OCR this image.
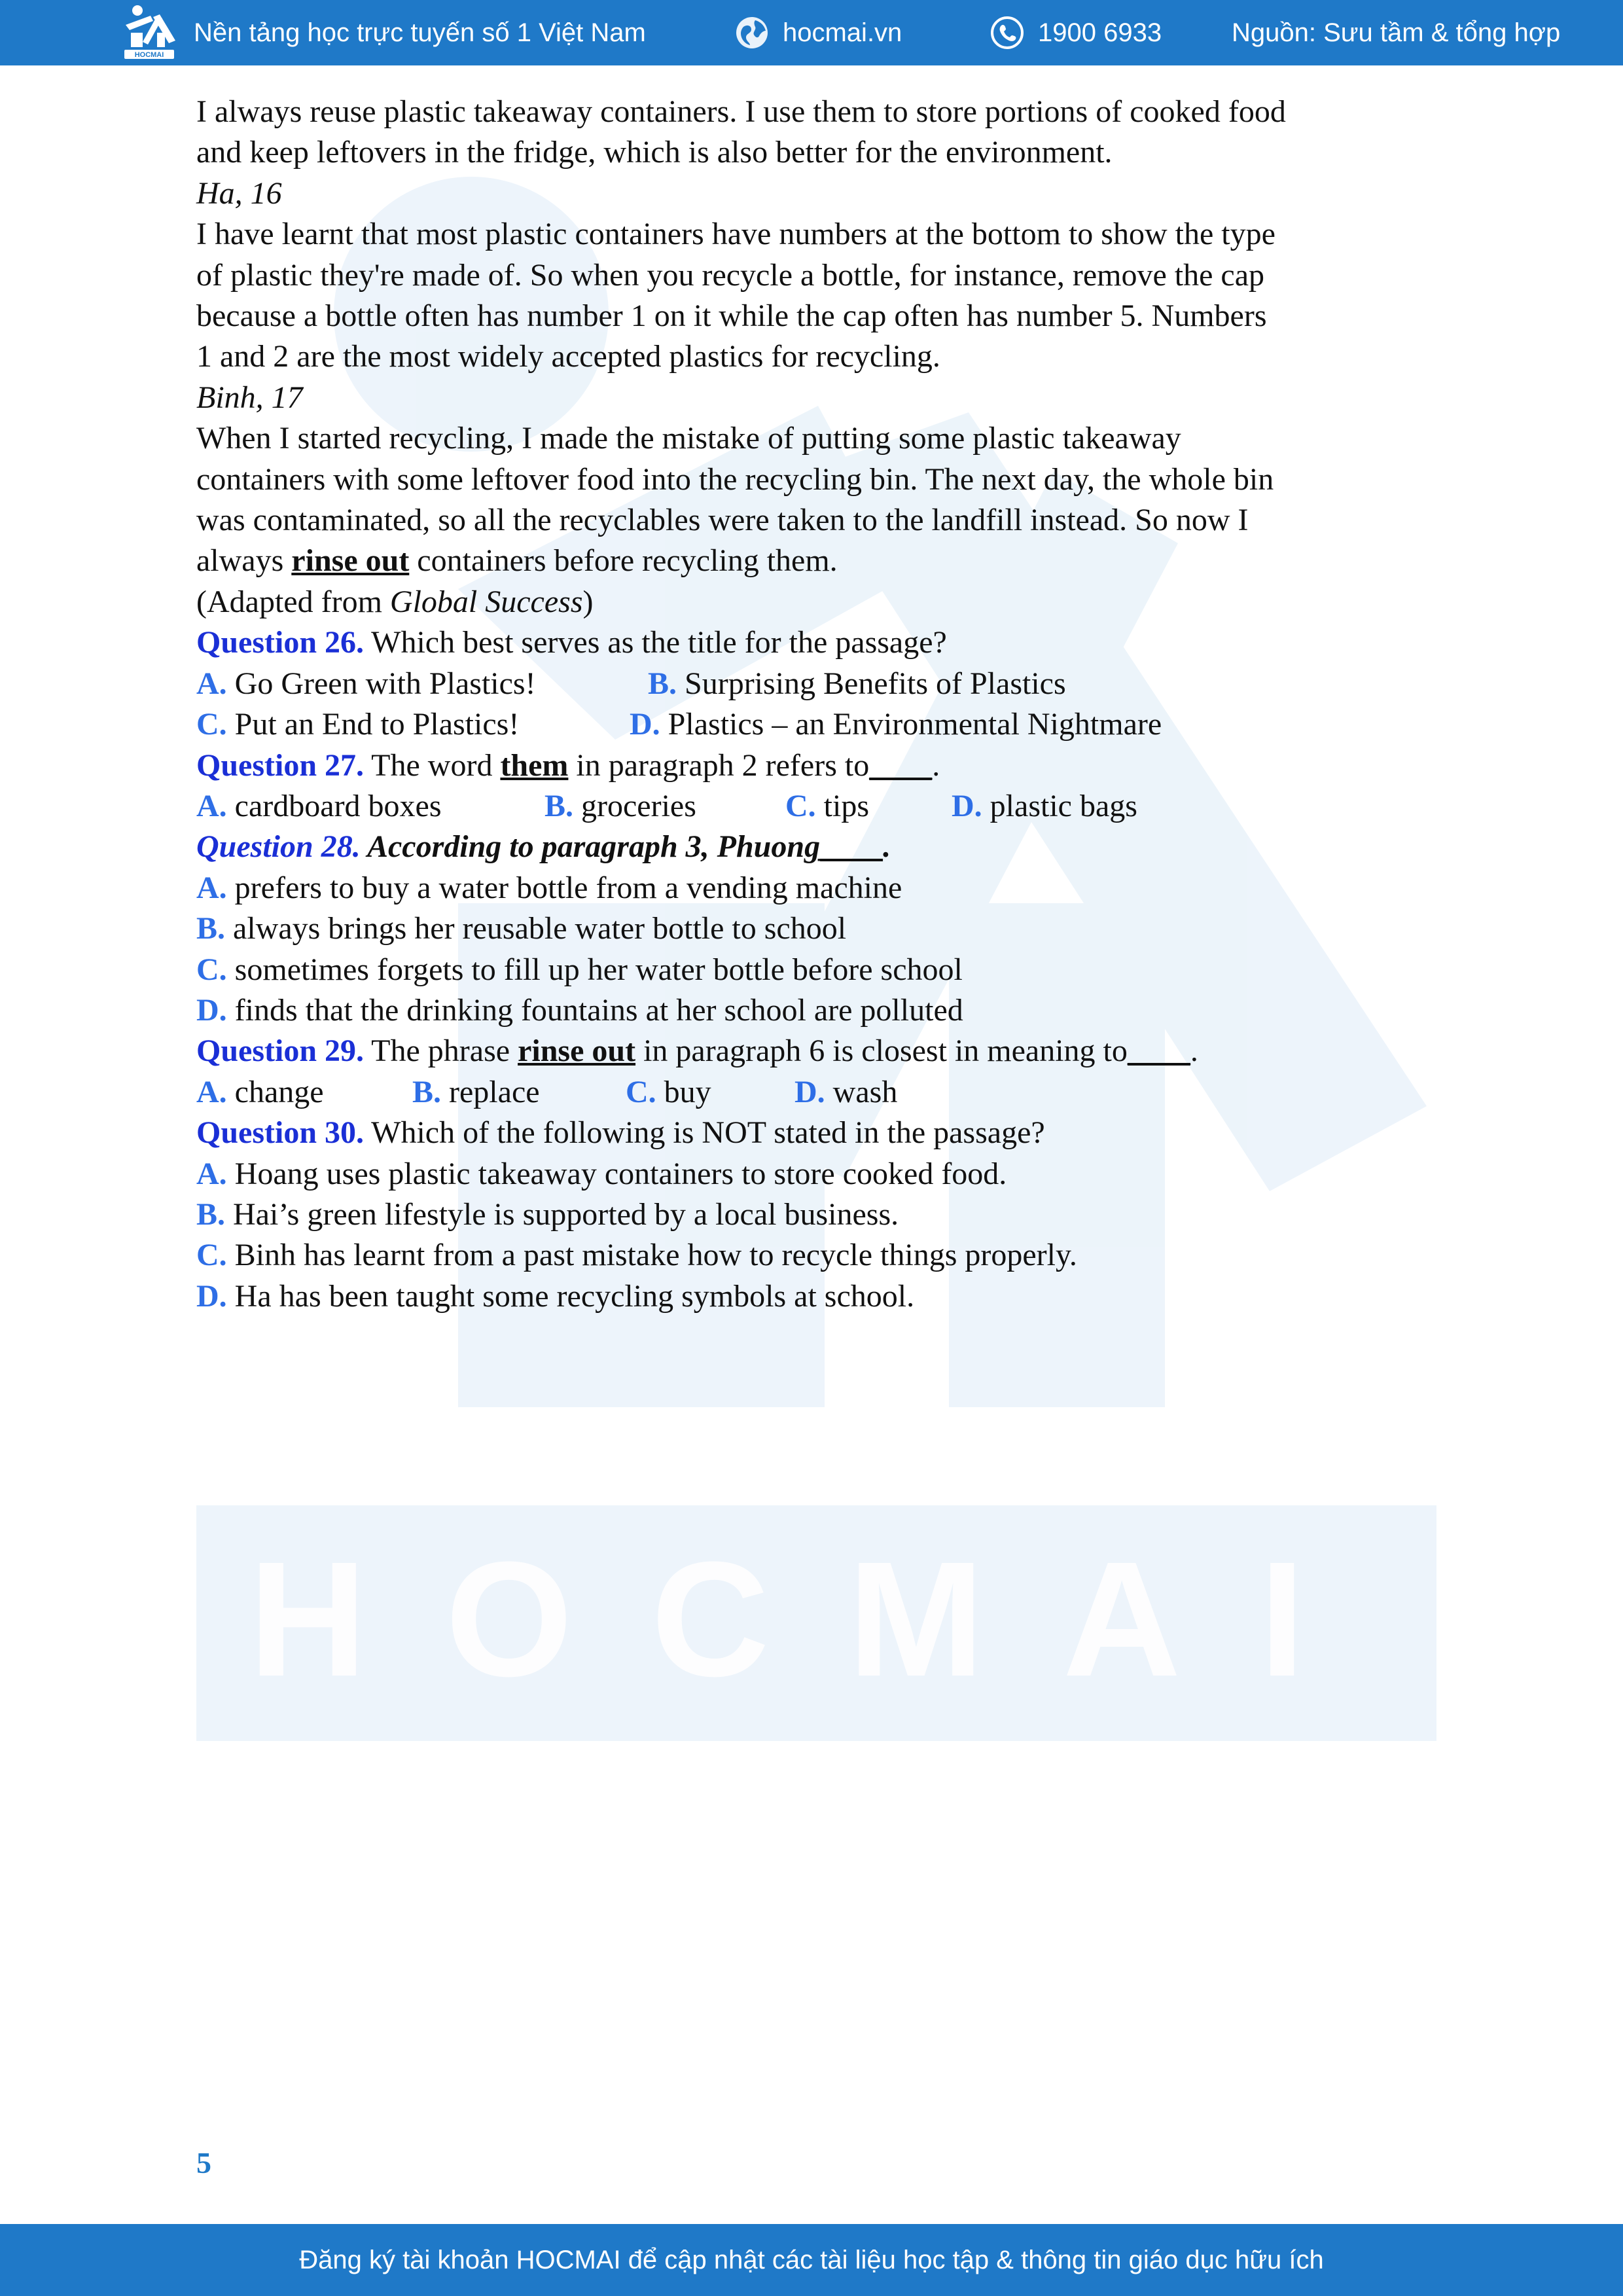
HOCMAI
HOCMAI
Nền tảng học trực tuyến số 1 Việt Nam	hocmai.vn	1900 6933	Nguồn: Sưu tầm & tổng hợp
I always reuse plastic takeaway containers. I use them to store portions of cooked food
and keep leftovers in the fridge, which is also better for the environment.
Ha, 16
I have learnt that most plastic containers have numbers at the bottom to show the type
of plastic they're made of. So when you recycle a bottle, for instance, remove the cap
because a bottle often has number 1 on it while the cap often has number 5. Numbers
1 and 2 are the most widely accepted plastics for recycling.
Binh, 17
When I started recycling, I made the mistake of putting some plastic takeaway
containers with some leftover food into the recycling bin. The next day, the whole bin
was contaminated, so all the recyclables were taken to the landfill instead. So now I
always rinse out containers before recycling them.
(Adapted from Global Success)
Question 26. Which best serves as the title for the passage?
A. Go Green with Plastics!	B. Surprising Benefits of Plastics
C. Put an End to Plastics!	D. Plastics – an Environmental Nightmare
Question 27. The word them in paragraph 2 refers to____.
A. cardboard boxes	B. groceries	C. tips	D. plastic bags
Question 28. According to paragraph 3, Phuong____.
A. prefers to buy a water bottle from a vending machine
B. always brings her reusable water bottle to school
C. sometimes forgets to fill up her water bottle before school
D. finds that the drinking fountains at her school are polluted
Question 29. The phrase rinse out in paragraph 6 is closest in meaning to____.
A. change	B. replace	C. buy	D. wash
Question 30. Which of the following is NOT stated in the passage?
A. Hoang uses plastic takeaway containers to store cooked food.
B. Hai’s green lifestyle is supported by a local business.
C. Binh has learnt from a past mistake how to recycle things properly.
D. Ha has been taught some recycling symbols at school.
5
Đăng ký tài khoản HOCMAI để cập nhật các tài liệu học tập & thông tin giáo dục hữu ích
